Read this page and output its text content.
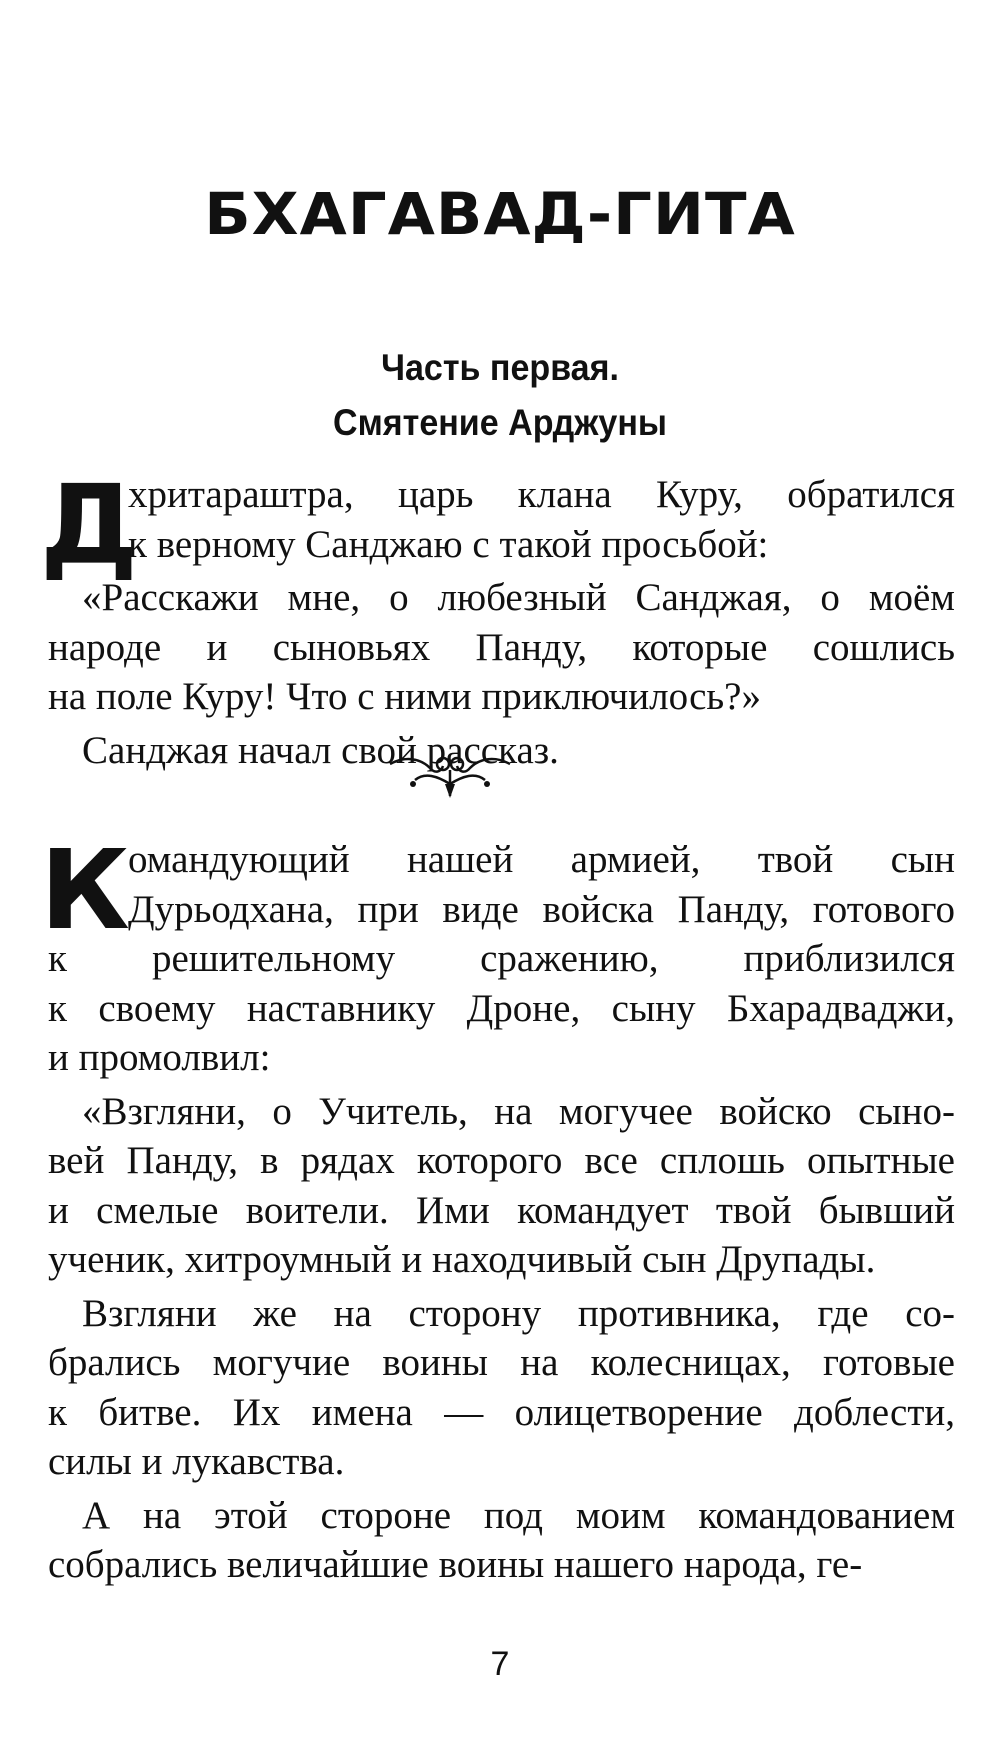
БХАГАВАД-ГИТА
Часть первая.
Смятение Арджуны
Д
хритараштра, царь клана Куру, обратился
к верному Санджаю с такой просьбой:
«Расскажи мне, о любезный Санджая, о моём
народе и сыновьях Панду, которые сошлись
на поле Куру! Что с ними приключилось?»
Санджая начал свой рассказ.
К
омандующий нашей армией, твой сын
Дурьодхана, при виде войска Панду, готового
к решительному сражению, приблизился
к своему наставнику Дроне, сыну Бхарадваджи,
и промолвил:
«Взгляни, о Учитель, на могучее войско сыно-
вей Панду, в рядах которого все сплошь опытные
и смелые воители. Ими командует твой бывший
ученик, хитроумный и находчивый сын Друпады.
Взгляни же на сторону противника, где со-
брались могучие воины на колесницах, готовые
к битве. Их имена — олицетворение доблести,
силы и лукавства.
А на этой стороне под моим командованием
собрались величайшие воины нашего народа, ге-
7
